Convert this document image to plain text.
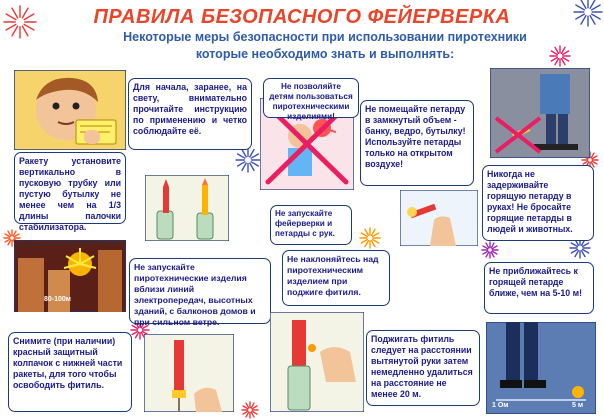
ПРАВИЛА БЕЗОПАСНОГО ФЕЙЕРВЕРКА
Некоторые меры безопасности при использовании пиротехники
которые необходимо знать и выполнять:
Для начала, заранее, на свету, внимательно прочитайте инструкцию по применению и четко соблюдайте её.
Ракету установите вертикально в пусковую трубку или пустую бутылку не менее чем на 1/3 длины палочки стабилизатора.
Не позволяйте детям пользоваться пиротехническими изделиями!
Не помещайте петарду в замкнутый объем - банку, ведро, бутылку! Используйте петарды только на открытом воздухе!
Не запускайте фейерверки и петарды с рук.
Никогда не задерживайте горящую петарду в руках! Не бросайте горящие петарды в людей и животных.
80-100м
Не запускайте пиротехнические изделия вблизи линий электропередач, высотных зданий, с балконов домов и при сильном ветре.
Не наклоняйтесь над пиротехническим изделием при поджиге фитиля.
Не приближайтесь к горящей петарде ближе, чем на 5-10 м!
Снимите (при наличии) красный защитный колпачок с нижней части ракеты, для того чтобы освободить фитиль.
Поджигать фитиль следует на расстоянии вытянутой руки затем немедленно удалиться на расстояние не менее 20 м.
1 Ом	5 м
